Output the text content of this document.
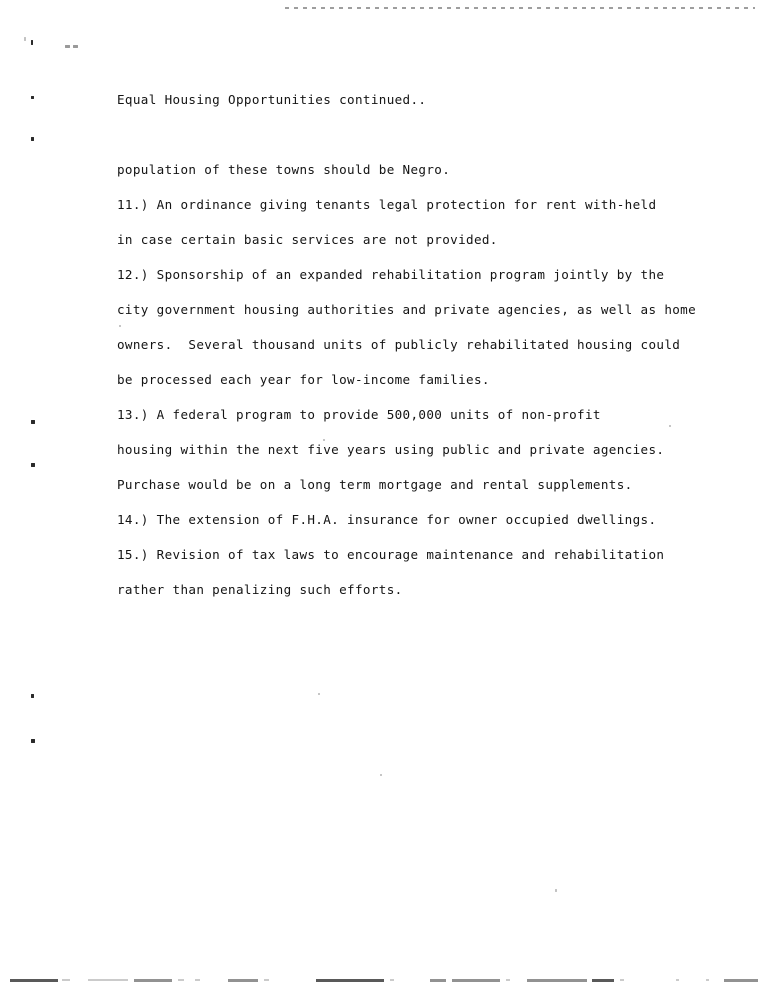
Equal Housing Opportunities continued..

population of these towns should be Negro.

11.) An ordinance giving tenants legal protection for rent with-held
in case certain basic services are not provided.

12.) Sponsorship of an expanded rehabilitation program jointly by the
city government housing authorities and private agencies, as well as home
owners.  Several thousand units of publicly rehabilitated housing could
be processed each year for low-income families.

13.) A federal program to provide 500,000 units of non-profit
housing within the next five years using public and private agencies.
Purchase would be on a long term mortgage and rental supplements.

14.) The extension of F.H.A. insurance for owner occupied dwellings.

15.) Revision of tax laws to encourage maintenance and rehabilitation
rather than penalizing such efforts.
